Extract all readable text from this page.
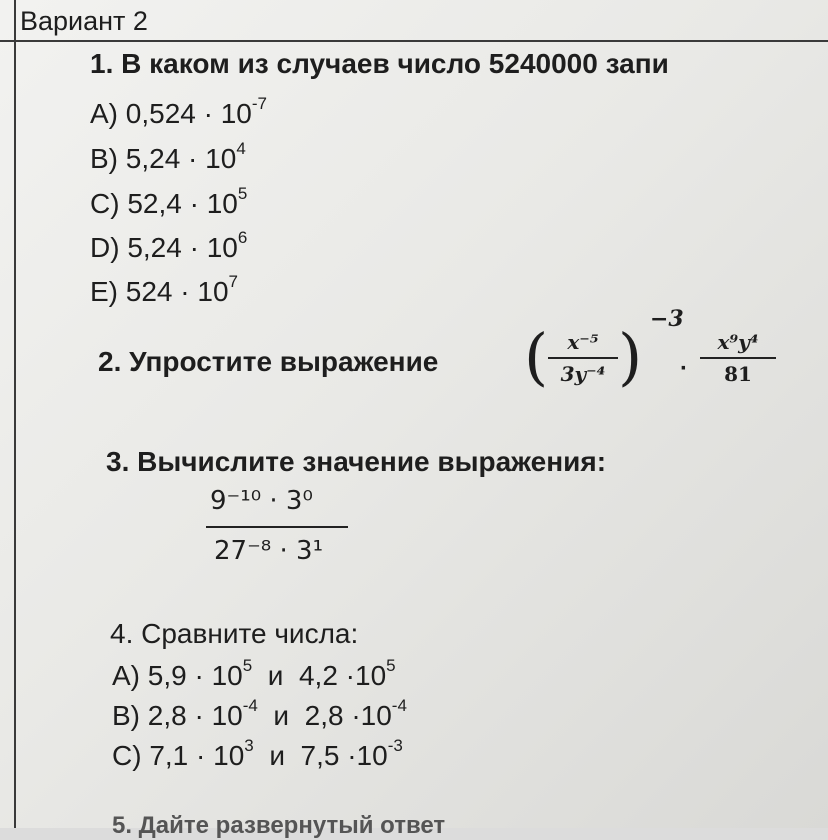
Вариант 2
1. В каком из случаев число 5240000 запи
A) $0,524 \cdot 10^{-7}$
B) $5,24 \cdot 10^4$
C) $52,4 \cdot 10^5$
D) $5,24 \cdot 10^6$
E) $524 \cdot 10^7$
2. Упростите выражение ( x⁻⁵
3y⁻⁴ )
−3
·
x⁹y⁴
81
3. Вычислите значение выражения:
9⁻¹⁰ · 3⁰
27⁻⁸ · 3¹
4. Сравните числа:
A) $5,9 \cdot 10^5$ и $4,2 \cdot 10^5$
B) $2,8 \cdot 10^{-4}$ и $2,8 \cdot 10^{-4}$
C) $7,1 \cdot 10^3$ и $7,5 \cdot 10^{-3}$
5. Дайте развернутый ответ
